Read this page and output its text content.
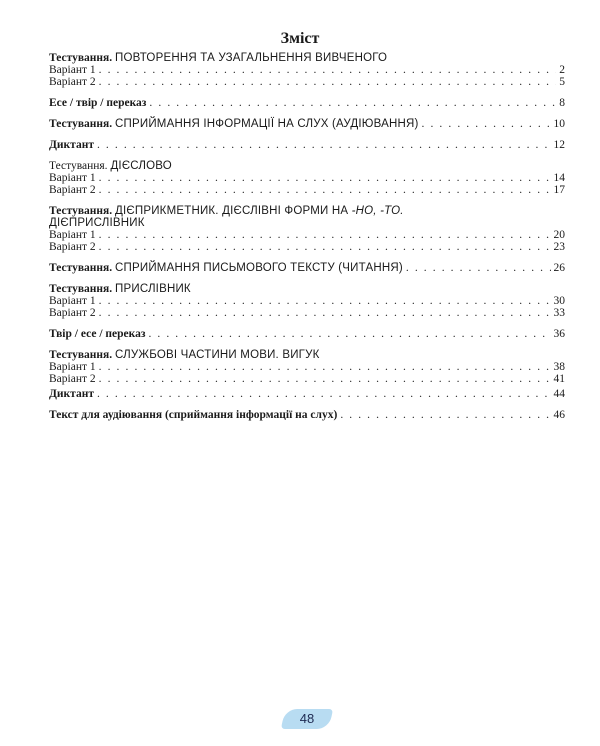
Зміст
Тестування. ПОВТОРЕННЯ ТА УЗАГАЛЬНЕННЯ ВИВЧЕНОГО
Варіант 1 . . .	2
Варіант 2 . . .	5
Есе / твір / переказ . . .	8
Тестування. СПРИЙМАННЯ ІНФОРМАЦІЇ НА СЛУХ (АУДІЮВАННЯ) . . .	10
Диктант . . .	12
Тестування. ДІЄСЛОВО
Варіант 1 . . .	14
Варіант 2 . . .	17
Тестування. ДІЄПРИКМЕТНИК. ДІЄСЛІВНІ ФОРМИ НА -НО, -ТО.
ДІЄПРИСЛІВНИК
Варіант 1 . . .	20
Варіант 2 . . .	23
Тестування. СПРИЙМАННЯ ПИСЬМОВОГО ТЕКСТУ (ЧИТАННЯ) . . .	26
Тестування. ПРИСЛІВНИК
Варіант 1 . . .	30
Варіант 2 . . .	33
Твір / есе / переказ . . .	36
Тестування. СЛУЖБОВІ ЧАСТИНИ МОВИ. ВИГУК
Варіант 1 . . .	38
Варіант 2 . . .	41
Диктант . . .	44
Текст для аудіювання (сприймання інформації на слух) . . .	46
48
